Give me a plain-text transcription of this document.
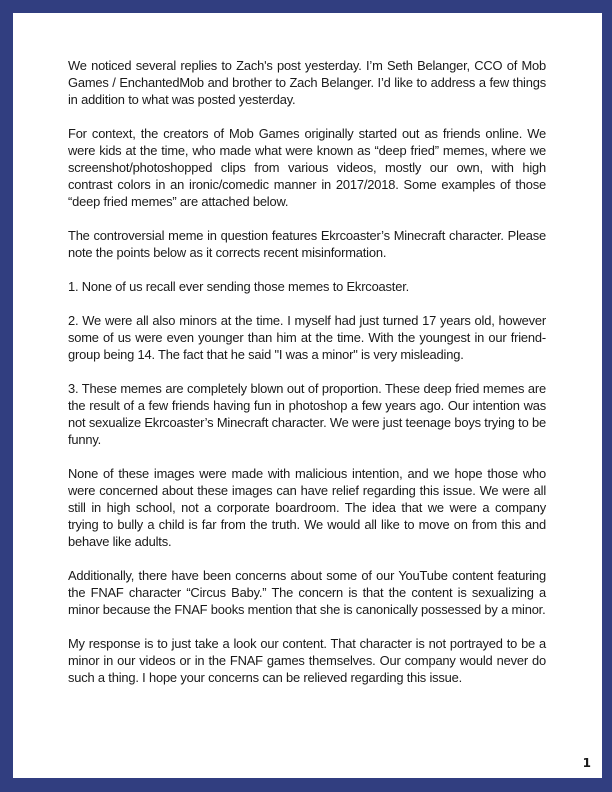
We noticed several replies to Zach's post yesterday. I’m Seth Belanger, CCO of Mob Games / EnchantedMob and brother to Zach Belanger. I’d like to address a few things in addition to what was posted yesterday.

For context, the creators of Mob Games originally started out as friends online. We were kids at the time, who made what were known as “deep fried” memes, where we screenshot/photoshopped clips from various videos, mostly our own, with high contrast colors in an ironic/comedic manner in 2017/2018. Some examples of those “deep fried memes” are attached below.

The controversial meme in question features Ekrcoaster’s Minecraft character. Please note the points below as it corrects recent misinformation.

1. None of us recall ever sending those memes to Ekrcoaster.

2. We were all also minors at the time. I myself had just turned 17 years old, however some of us were even younger than him at the time. With the youngest in our friend-group being 14. The fact that he said "I was a minor" is very misleading.

3. These memes are completely blown out of proportion. These deep fried memes are the result of a few friends having fun in photoshop a few years ago. Our intention was not sexualize Ekrcoaster’s Minecraft character. We were just teenage boys trying to be funny.

None of these images were made with malicious intention, and we hope those who were concerned about these images can have relief regarding this issue. We were all still in high school, not a corporate boardroom. The idea that we were a company trying to bully a child is far from the truth. We would all like to move on from this and behave like adults.

Additionally, there have been concerns about some of our YouTube content featuring the FNAF character “Circus Baby.” The concern is that the content is sexualizing a minor because the FNAF books mention that she is canonically possessed by a minor.

My response is to just take a look our content. That character is not portrayed to be a minor in our videos or in the FNAF games themselves. Our company would never do such a thing. I hope your concerns can be relieved regarding this issue.

1
